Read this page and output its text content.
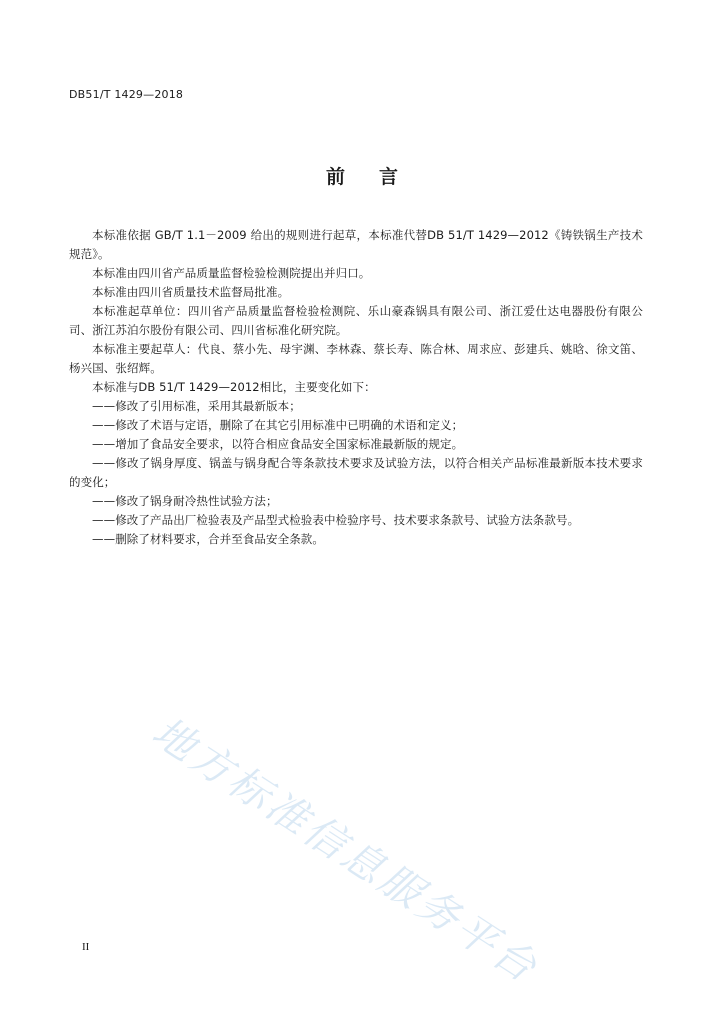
DB51/T 1429—2018
前言

本标准依据 GB/T 1.1－2009 给出的规则进行起草，本标准代替DB 51/T 1429—2012《铸铁锅生产技术规范》。

本标准由四川省产品质量监督检验检测院提出并归口。

本标准由四川省质量技术监督局批准。

本标准起草单位：四川省产品质量监督检验检测院、乐山豪森锅具有限公司、浙江爱仕达电器股份有限公司、浙江苏泊尔股份有限公司、四川省标准化研究院。

本标准主要起草人：代良、蔡小先、母宇渊、李林森、蔡长寿、陈合林、周求应、彭建兵、姚晗、徐文笛、杨兴国、张绍辉。

本标准与DB 51/T 1429—2012相比，主要变化如下：

——修改了引用标准，采用其最新版本；

——修改了术语与定语，删除了在其它引用标准中已明确的术语和定义；

——增加了食品安全要求，以符合相应食品安全国家标准最新版的规定。

——修改了锅身厚度、锅盖与锅身配合等条款技术要求及试验方法，以符合相关产品标准最新版本技术要求的变化；

——修改了锅身耐冷热性试验方法；

——修改了产品出厂检验表及产品型式检验表中检验序号、技术要求条款号、试验方法条款号。

——删除了材料要求，合并至食品安全条款。

地方标准信息服务平台
II
